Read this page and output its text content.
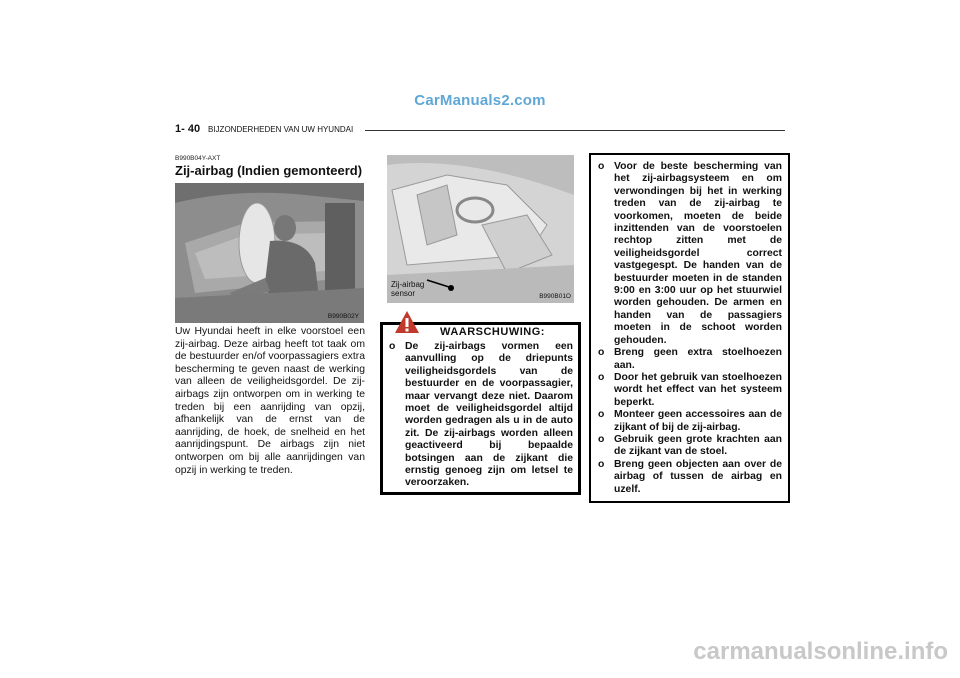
CarManuals2.com
1- 40 BIJZONDERHEDEN VAN UW HYUNDAI
B990B04Y-AXT
Zij-airbag (Indien gemonteerd)
B990B02Y
Zij-airbag
sensor	B990B01O
Uw Hyundai heeft in elke voorstoel een zij-airbag. Deze airbag heeft tot taak om de bestuurder en/of voorpassagiers extra bescherming te geven naast de werking van alleen de veiligheidsgordel. De zij-airbags zijn ontworpen om in werking te treden bij een aanrijding van opzij, afhankelijk van de ernst van de aanrijding, de hoek, de snelheid en het aanrijdingspunt. De airbags zijn niet ontworpen om bij alle aanrijdingen van opzij in werking te treden.
WAARSCHUWING:
o De zij-airbags vormen een aanvulling op de driepunts veiligheidsgordels van de bestuurder en de voorpassagier, maar vervangt deze niet. Daarom moet de veiligheidsgordel altijd worden gedragen als u in de auto zit. De zij-airbags worden alleen geactiveerd bij bepaalde botsingen aan de zijkant die ernstig genoeg zijn om letsel te veroorzaken.
o Voor de beste bescherming van het zij-airbagsysteem en om verwondingen bij het in werking treden van de zij-airbag te voorkomen, moeten de beide inzittenden van de voorstoelen rechtop zitten met de veiligheidsgordel correct vastgegespt. De handen van de bestuurder moeten in de standen 9:00 en 3:00 uur op het stuurwiel worden gehouden. De armen en handen van de passagiers moeten in de schoot worden gehouden.
o Breng geen extra stoelhoezen aan.
o Door het gebruik van stoelhoezen wordt het effect van het systeem beperkt.
o Monteer geen accessoires aan de zijkant of bij de zij-airbag.
o Gebruik geen grote krachten aan de zijkant van de stoel.
o Breng geen objecten aan over de airbag of tussen de airbag en uzelf.
carmanualsonline.info
